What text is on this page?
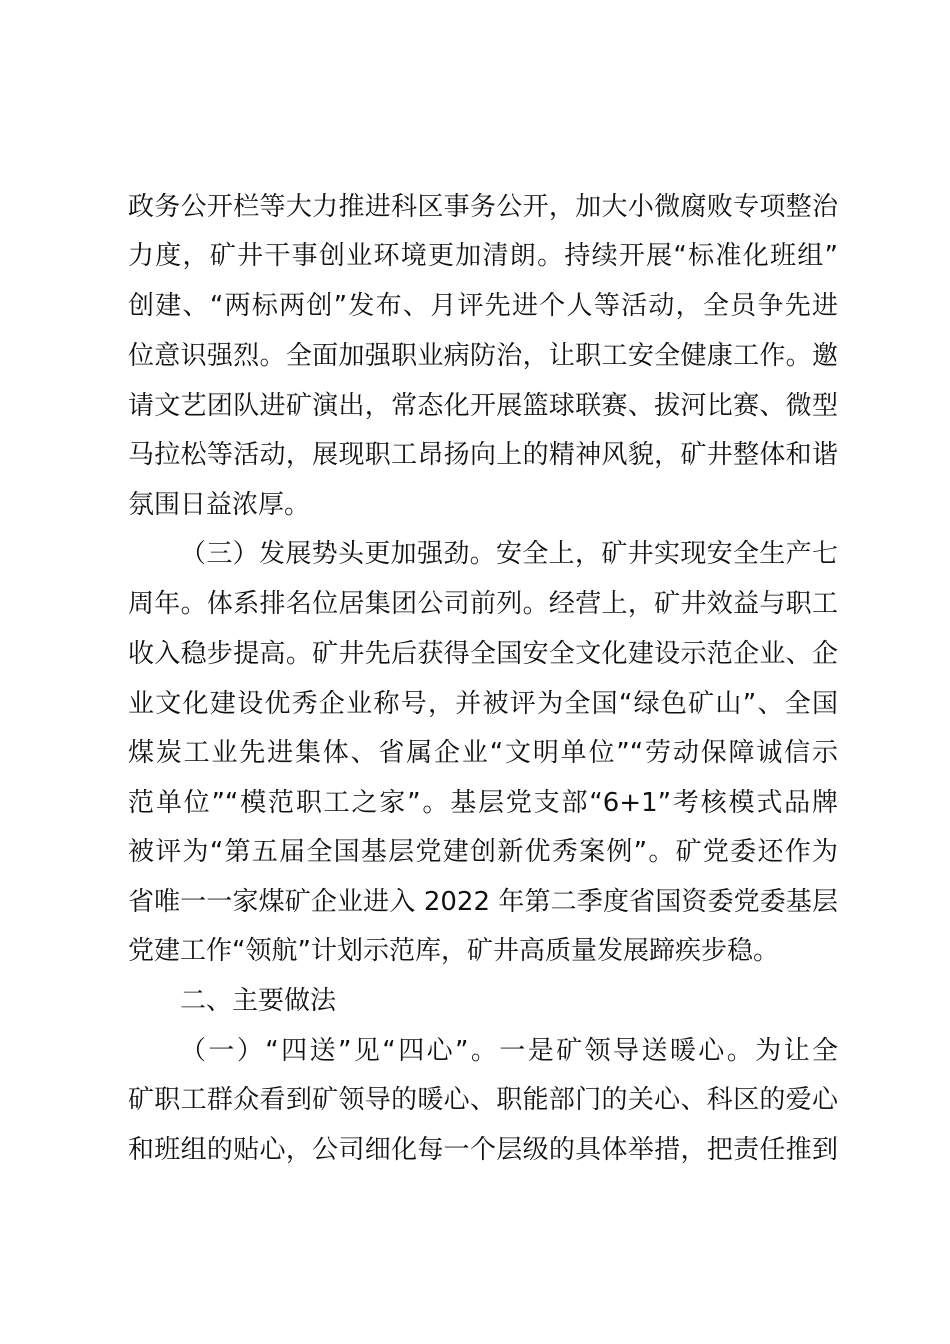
政务公开栏等大力推进科区事务公开，加大小微腐败专项整治
力度，矿井干事创业环境更加清朗。持续开展“标准化班组”
创建、“两标两创”发布、月评先进个人等活动，全员争先进
位意识强烈。全面加强职业病防治，让职工安全健康工作。邀
请文艺团队进矿演出，常态化开展篮球联赛、拔河比赛、微型
马拉松等活动，展现职工昂扬向上的精神风貌，矿井整体和谐
氛围日益浓厚。
（三）发展势头更加强劲。安全上，矿井实现安全生产七
周年。体系排名位居集团公司前列。经营上，矿井效益与职工
收入稳步提高。矿井先后获得全国安全文化建设示范企业、企
业文化建设优秀企业称号，并被评为全国“绿色矿山”、全国
煤炭工业先进集体、省属企业“文明单位”“劳动保障诚信示
范单位”“模范职工之家”。基层党支部“6+1”考核模式品牌
被评为“第五届全国基层党建创新优秀案例”。矿党委还作为
省唯一一家煤矿企业进入 2022 年第二季度省国资委党委基层
党建工作“领航”计划示范库，矿井高质量发展蹄疾步稳。
二、主要做法
（一）“四送”见“四心”。一是矿领导送暖心。为让全
矿职工群众看到矿领导的暖心、职能部门的关心、科区的爱心
和班组的贴心，公司细化每一个层级的具体举措，把责任推到
